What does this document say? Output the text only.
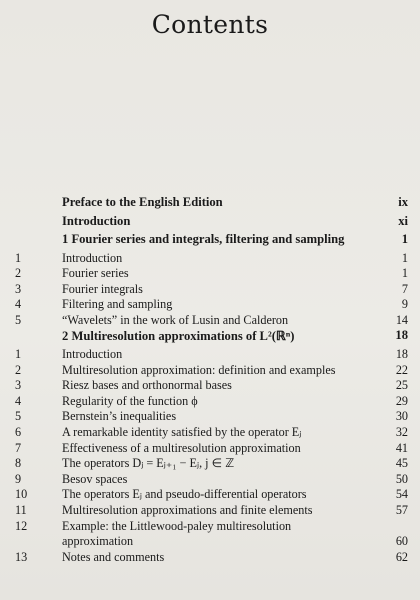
Contents
Preface to the English Edition	ix
Introduction	xi
1 Fourier series and integrals, filtering and sampling	1
1	Introduction	1
2	Fourier series	1
3	Fourier integrals	7
4	Filtering and sampling	9
5	“Wavelets” in the work of Lusin and Calderon	14
2 Multiresolution approximations of L²(ℝⁿ)	18
1	Introduction	18
2	Multiresolution approximation: definition and examples	22
3	Riesz bases and orthonormal bases	25
4	Regularity of the function ϕ	29
5	Bernstein’s inequalities	30
6	A remarkable identity satisfied by the operator Eⱼ	32
7	Effectiveness of a multiresolution approximation	41
8	The operators Dⱼ = Eⱼ₊₁ − Eⱼ, j ∈ ℤ	45
9	Besov spaces	50
10	The operators Eⱼ and pseudo-differential operators	54
11	Multiresolution approximations and finite elements	57
12	Example: the Littlewood-paley multiresolution approximation	60
13	Notes and comments	62
